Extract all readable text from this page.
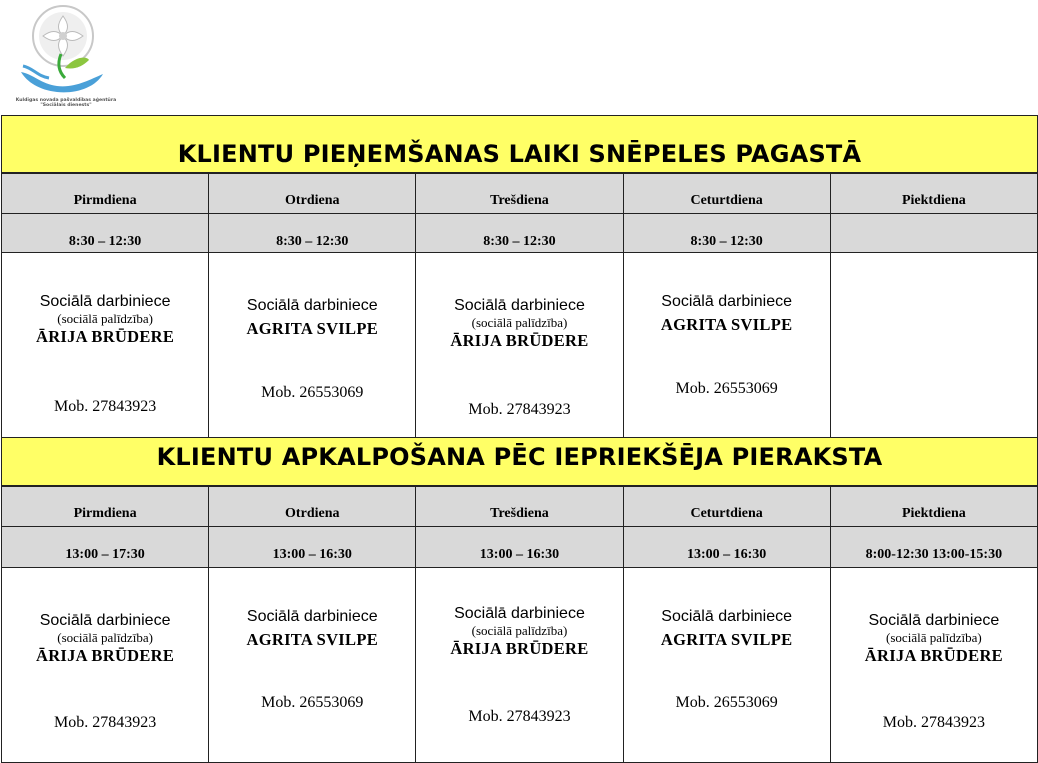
Kuldīgas novada pašvaldības aģentūra
"Sociālais dienests"
KLIENTU PIEŅEMŠANAS LAIKI SNĒPELES PAGASTĀ
Pirmdiena	Otrdiena	Trešdiena	Ceturtdiena	Piektdiena

8:30 – 12:30	8:30 – 12:30	8:30 – 12:30	8:30 – 12:30	

Sociālā darbiniece
(sociālā palīdzība)
ĀRIJA BRŪDERE
Mob. 27843923	Sociālā darbiniece
AGRITA SVILPE
Mob. 26553069	Sociālā darbiniece
(sociālā palīdzība)
ĀRIJA BRŪDERE
Mob. 27843923	Sociālā darbiniece
AGRITA SVILPE
Mob. 26553069	

KLIENTU APKALPOŠANA PĒC IEPRIEKŠĒJA PIERAKSTA
Pirmdiena	Otrdiena	Trešdiena	Ceturtdiena	Piektdiena

13:00 – 17:30	13:00 – 16:30	13:00 – 16:30	13:00 – 16:30	8:00-12:30 13:00-15:30

Sociālā darbiniece
(sociālā palīdzība)
ĀRIJA BRŪDERE
Mob. 27843923	Sociālā darbiniece
AGRITA SVILPE
Mob. 26553069	Sociālā darbiniece
(sociālā palīdzība)
ĀRIJA BRŪDERE
Mob. 27843923	Sociālā darbiniece
AGRITA SVILPE
Mob. 26553069	Sociālā darbiniece
(sociālā palīdzība)
ĀRIJA BRŪDERE
Mob. 27843923
